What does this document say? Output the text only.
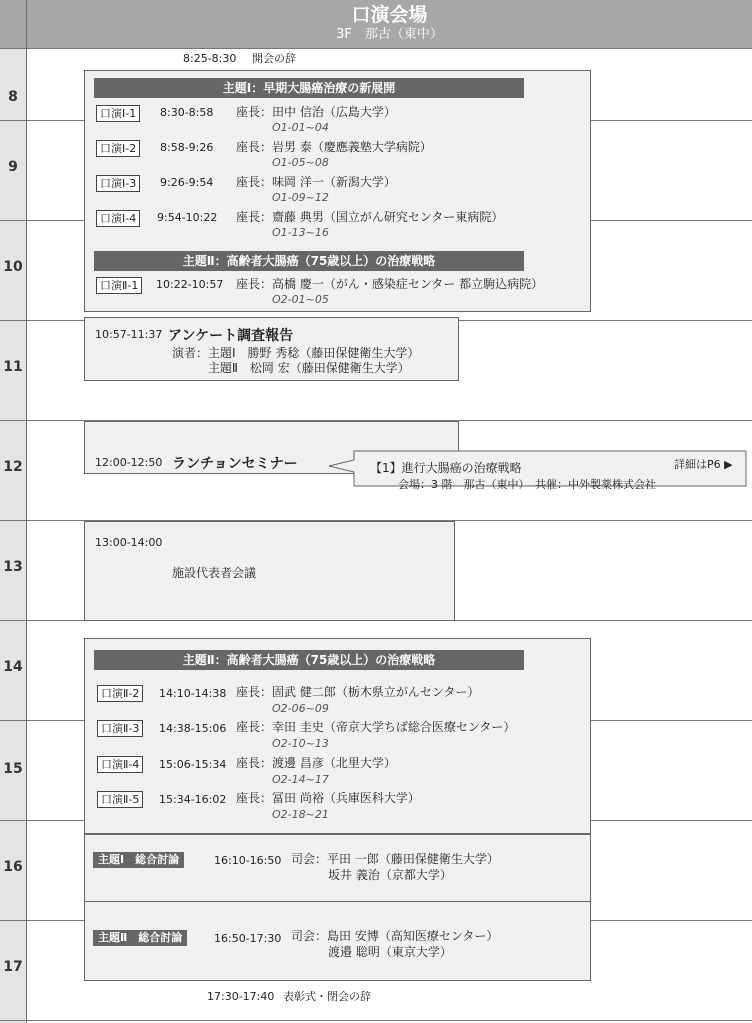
口演会場
3F　那古（東中）
8
9
10
11
12
13
14
15
16
17
8:25-8:30 開会の辞
主題Ⅰ：早期大腸癌治療の新展開
口演Ⅰ-1	8:30-8:58 座長：田中 信治（広島大学）
O1-01~04
口演Ⅰ-2	8:58-9:26 座長：岩男 泰（慶應義塾大学病院）
O1-05~08
口演Ⅰ-3	9:26-9:54 座長：味岡 洋一（新潟大学）
O1-09~12
口演Ⅰ-4	9:54-10:22 座長：齋藤 典男（国立がん研究センター東病院）
O1-13~16
主題Ⅱ：高齢者大腸癌（75歳以上）の治療戦略
口演Ⅱ-1	10:22-10:57 座長：高橋 慶一（がん・感染症センター 都立駒込病院）
O2-01~05
10:57-11:37 アンケート調査報告
演者：主題Ⅰ　勝野 秀稔（藤田保健衛生大学）
主題Ⅱ　松岡 宏（藤田保健衛生大学）
12:00-12:50 ランチョンセミナー	【1】進行大腸癌の治療戦略
会場：3 階　那古（東中）　共催：中外製薬株式会社
詳細はP6 ▶
13:00-14:00
施設代表者会議
主題Ⅱ：高齢者大腸癌（75歳以上）の治療戦略
口演Ⅱ-2	14:10-14:38 座長：固武 健二郎（栃木県立がんセンター）
O2-06~09
口演Ⅱ-3	14:38-15:06 座長：幸田 圭史（帝京大学ちば総合医療センター）
O2-10~13
口演Ⅱ-4	15:06-15:34 座長：渡邊 昌彦（北里大学）
O2-14~17
口演Ⅱ-5	15:34-16:02 座長：冨田 尚裕（兵庫医科大学）
O2-18~21
主題Ⅰ　総合討論	16:10-16:50 司会：平田 一郎（藤田保健衛生大学）
坂井 義治（京都大学）
主題Ⅱ　総合討論	16:50-17:30 司会：島田 安博（高知医療センター）
渡邉 聡明（東京大学）
17:30-17:40 表彰式・閉会の辞
